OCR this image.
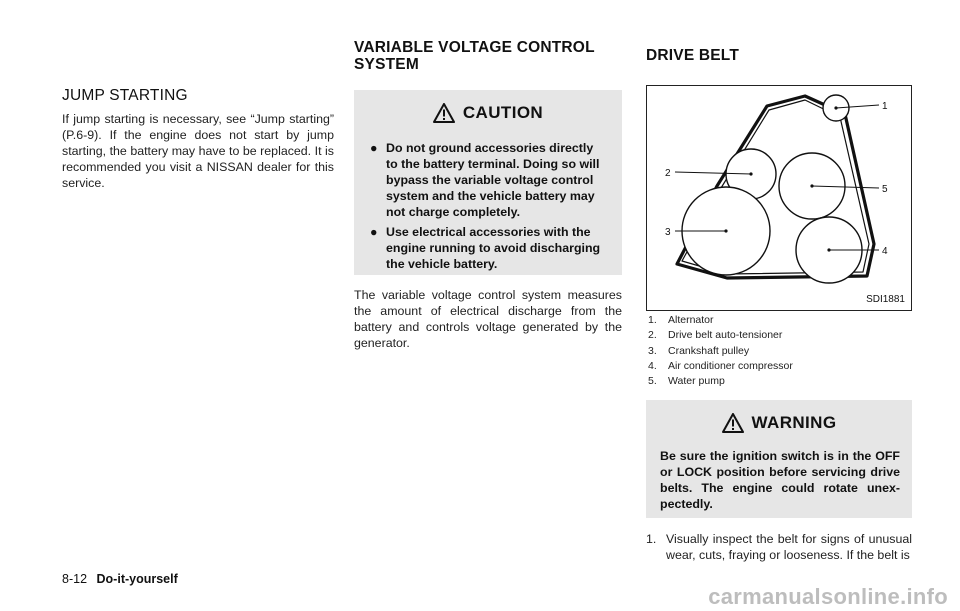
JUMP STARTING
If jump starting is necessary, see “Jump starting” (P.6-9). If the engine does not start by jump starting, the battery may have to be replaced. It is recommended you visit a NISSAN dealer for this service.
VARIABLE VOLTAGE CONTROL
SYSTEM
CAUTION
● Do not ground accessories directly to the battery terminal. Doing so will bypass the variable voltage control system and the vehicle battery may not charge completely.
● Use electrical accessories with the engine running to avoid discharging the vehicle battery.
The variable voltage control system measures the amount of electrical discharge from the battery and controls voltage generated by the generator.
DRIVE BELT
1
2
3
4
5
SDI1881
1.	Alternator
2.	Drive belt auto-tensioner
3.	Crankshaft pulley
4.	Air conditioner compressor
5.	Water pump
WARNING
Be sure the ignition switch is in the OFF or LOCK position before servicing drive belts. The engine could rotate unex-pectedly.
1. Visually inspect the belt for signs of unusual wear, cuts, fraying or looseness. If the belt is
8-12 Do-it-yourself
carmanualsonline.info
